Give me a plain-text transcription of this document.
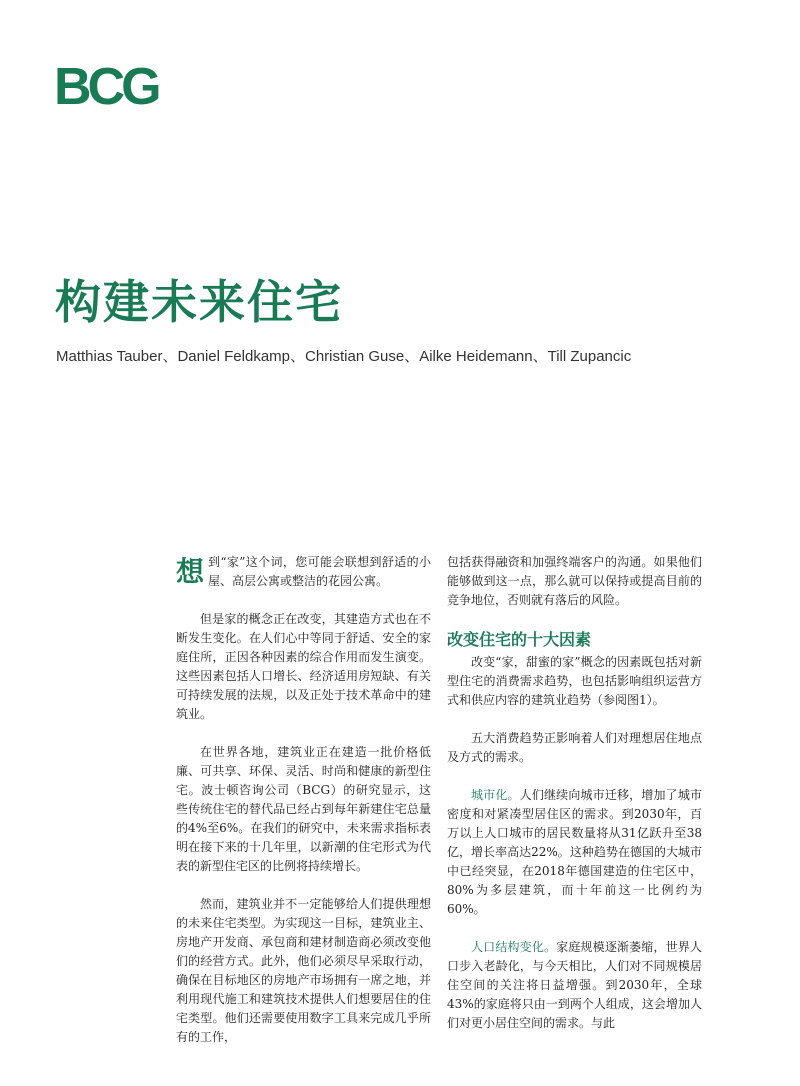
BCG
构建未来住宅
Matthias Tauber、Daniel Feldkamp、Christian Guse、Ailke Heidemann、Till Zupancic

想 到“家”这个词，您可能会联想到舒适的小屋、高层公寓或整洁的花园公寓。

但是家的概念正在改变，其建造方式也在不断发生变化。在人们心中等同于舒适、安全的家庭住所，正因各种因素的综合作用而发生演变。这些因素包括人口增长、经济适用房短缺、有关可持续发展的法规，以及正处于技术革命中的建筑业。

在世界各地，建筑业正在建造一批价格低廉、可共享、环保、灵活、时尚和健康的新型住宅。波士顿咨询公司（BCG）的研究显示，这些传统住宅的替代品已经占到每年新建住宅总量的4%至6%。在我们的研究中，未来需求指标表明在接下来的十几年里，以新潮的住宅形式为代表的新型住宅区的比例将持续增长。

然而，建筑业并不一定能够给人们提供理想的未来住宅类型。为实现这一目标，建筑业主、房地产开发商、承包商和建材制造商必须改变他们的经营方式。此外，他们必须尽早采取行动，确保在目标地区的房地产市场拥有一席之地，并利用现代施工和建筑技术提供人们想要居住的住宅类型。他们还需要使用数字工具来完成几乎所有的工作，

包括获得融资和加强终端客户的沟通。如果他们能够做到这一点，那么就可以保持或提高目前的竞争地位，否则就有落后的风险。

改变住宅的十大因素

改变“家，甜蜜的家”概念的因素既包括对新型住宅的消费需求趋势，也包括影响组织运营方式和供应内容的建筑业趋势（参阅图1）。

五大消费趋势正影响着人们对理想居住地点及方式的需求。

城市化。人们继续向城市迁移，增加了城市密度和对紧凑型居住区的需求。到2030年，百万以上人口城市的居民数量将从31亿跃升至38亿，增长率高达22%。这种趋势在德国的大城市中已经突显，在2018年德国建造的住宅区中，80%为多层建筑，而十年前这一比例约为60%。

人口结构变化。家庭规模逐渐萎缩，世界人口步入老龄化，与今天相比，人们对不同规模居住空间的关注将日益增强。到2030年，全球43%的家庭将只由一到两个人组成，这会增加人们对更小居住空间的需求。与此
